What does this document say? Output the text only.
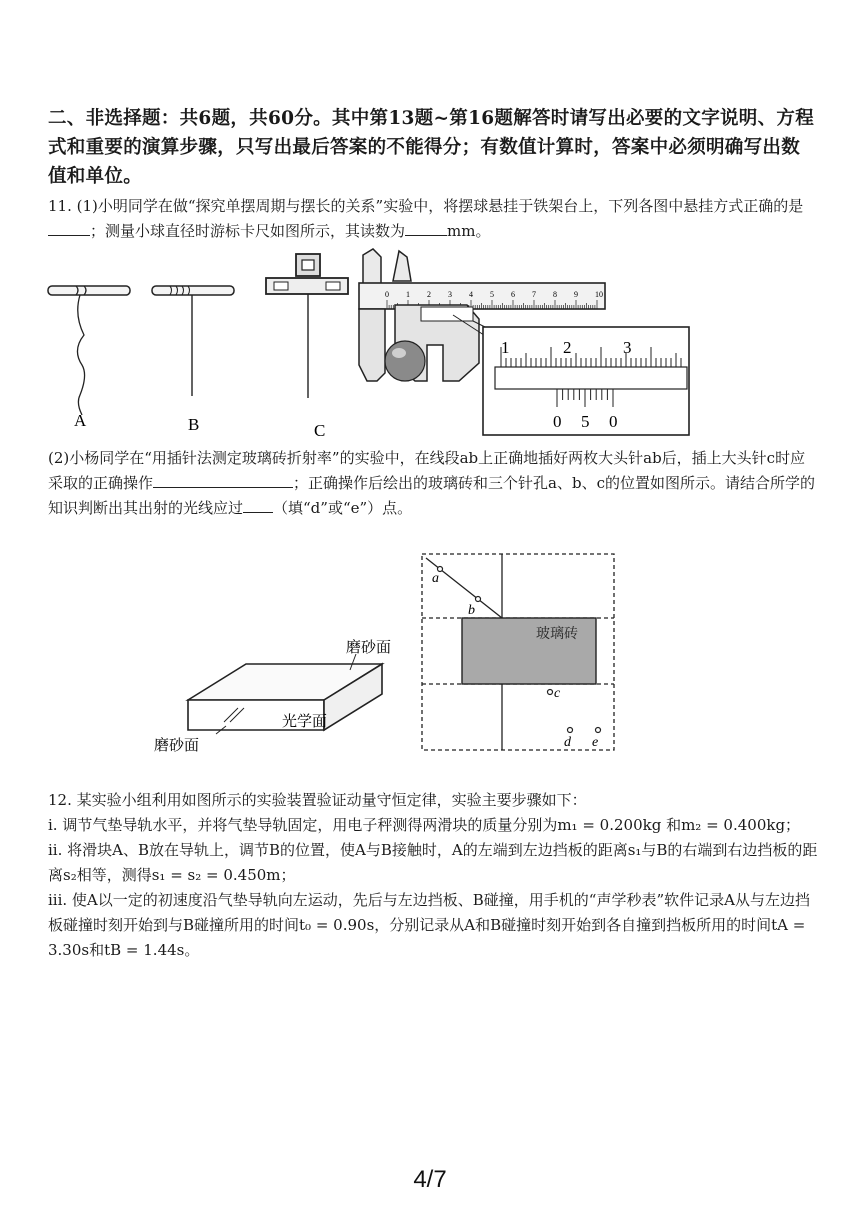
二、非选择题：共6题，共60分。其中第13题~第16题解答时请写出必要的文字说明、方程式和重要的演算步骤，只写出最后答案的不能得分；有数值计算时，答案中必须明确写出数值和单位。
11. (1)小明同学在做“探究单摆周期与摆长的关系”实验中，将摆球悬挂于铁架台上，下列各图中悬挂方式正确的是；测量小球直径时游标卡尺如图所示，其读数为	mm。
A	B	C
0 1 2 3 4 5 6 7 8 9 10
1	2	3
0 5 0
(2)小杨同学在“用插针法测定玻璃砖折射率”的实验中，在线段ab上正确地插好两枚大头针ab后，插上大头针c时应采取的正确操作	；正确操作后绘出的玻璃砖和三个针孔a、b、c的位置如图所示。请结合所学的知识判断出其出射的光线应过 （填“d”或“e”）点。
磨砂面
光学面
磨砂面
a
b
c
d e
玻璃砖
12. 某实验小组利用如图所示的实验装置验证动量守恒定律，实验主要步骤如下：
i. 调节气垫导轨水平，并将气垫导轨固定，用电子秤测得两滑块的质量分别为m₁ = 0.200kg 和m₂ = 0.400kg；
ii. 将滑块A、B放在导轨上，调节B的位置，使A与B接触时，A的左端到左边挡板的距离s₁与B的右端到右边挡板的距离s₂相等，测得s₁ = s₂ = 0.450m；
iii. 使A以一定的初速度沿气垫导轨向左运动，先后与左边挡板、B碰撞，用手机的“声学秒表”软件记录A从与左边挡板碰撞时刻开始到与B碰撞所用的时间t₀ = 0.90s，分别记录从A和B碰撞时刻开始到各自撞到挡板所用的时间tA = 3.30s和tB = 1.44s。
4/7
